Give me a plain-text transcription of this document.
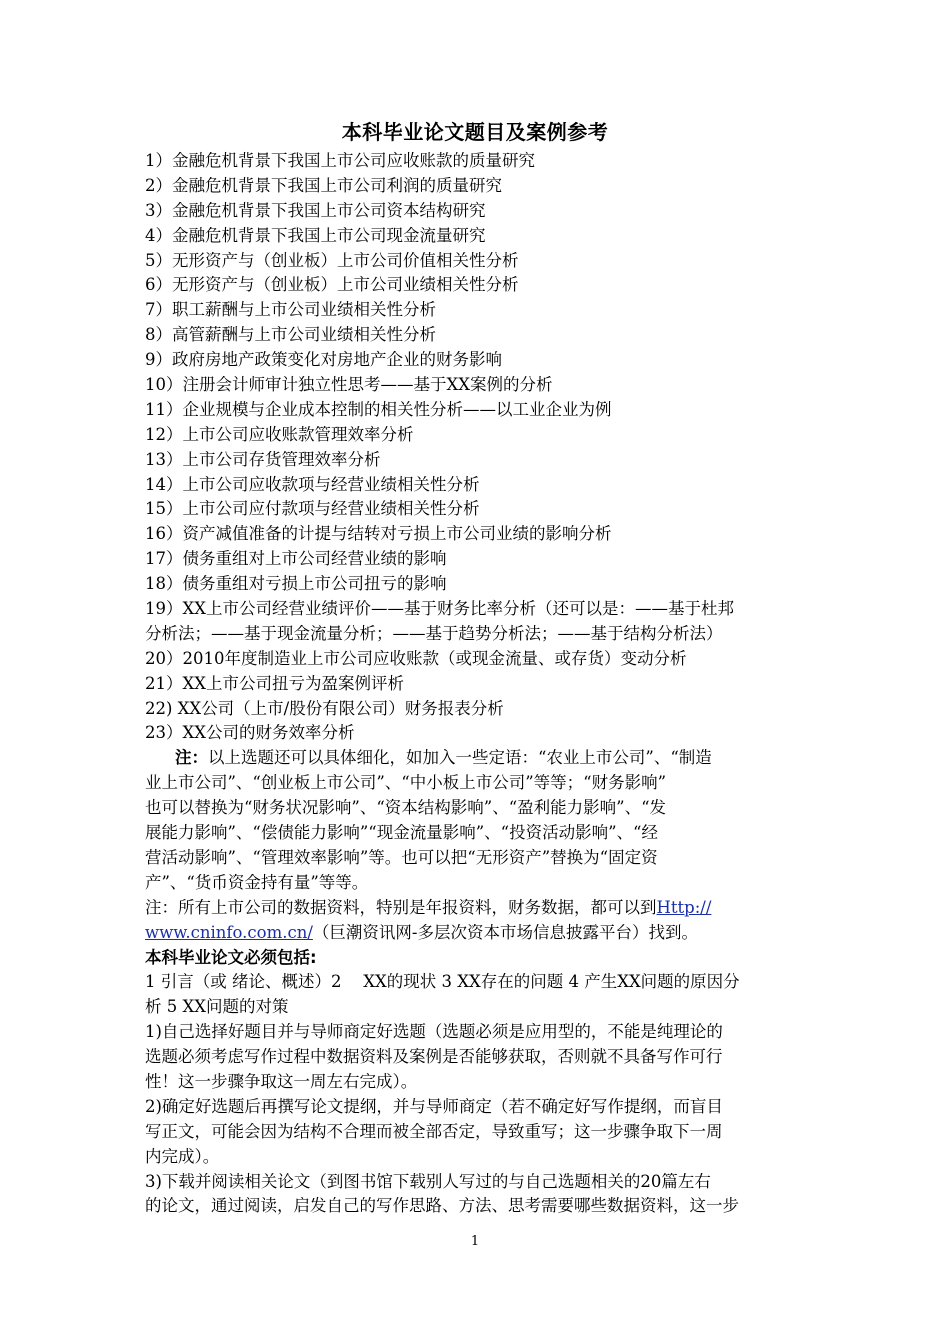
本科毕业论文题目及案例参考
1）金融危机背景下我国上市公司应收账款的质量研究
2）金融危机背景下我国上市公司利润的质量研究
3）金融危机背景下我国上市公司资本结构研究
4）金融危机背景下我国上市公司现金流量研究
5）无形资产与（创业板）上市公司价值相关性分析
6）无形资产与（创业板）上市公司业绩相关性分析
7）职工薪酬与上市公司业绩相关性分析
8）高管薪酬与上市公司业绩相关性分析
9）政府房地产政策变化对房地产企业的财务影响
10）注册会计师审计独立性思考——基于XX案例的分析
11）企业规模与企业成本控制的相关性分析——以工业企业为例
12）上市公司应收账款管理效率分析
13）上市公司存货管理效率分析
14）上市公司应收款项与经营业绩相关性分析
15）上市公司应付款项与经营业绩相关性分析
16）资产减值准备的计提与结转对亏损上市公司业绩的影响分析
17）债务重组对上市公司经营业绩的影响
18）债务重组对亏损上市公司扭亏的影响
19）XX上市公司经营业绩评价——基于财务比率分析（还可以是：——基于杜邦
分析法；——基于现金流量分析；——基于趋势分析法；——基于结构分析法）
20）2010年度制造业上市公司应收账款（或现金流量、或存货）变动分析
21）XX上市公司扭亏为盈案例评析
22) XX公司（上市/股份有限公司）财务报表分析
23）XX公司的财务效率分析
注：以上选题还可以具体细化，如加入一些定语：“农业上市公司”、“制造
业上市公司”、“创业板上市公司”、“中小板上市公司”等等；“财务影响”
也可以替换为“财务状况影响”、“资本结构影响”、“盈利能力影响”、“发
展能力影响”、“偿债能力影响”“现金流量影响”、“投资活动影响”、“经
营活动影响”、“管理效率影响”等。也可以把“无形资产”替换为“固定资
产”、“货币资金持有量”等等。
注：所有上市公司的数据资料，特别是年报资料，财务数据，都可以到Http://
www.cninfo.com.cn/（巨潮资讯网-多层次资本市场信息披露平台）找到。
本科毕业论文必须包括:
1 引言（或 绪论、概述）2　 XX的现状 3 XX存在的问题 4 产生XX问题的原因分
析 5 XX问题的对策
1)自己选择好题目并与导师商定好选题（选题必须是应用型的，不能是纯理论的
选题必须考虑写作过程中数据资料及案例是否能够获取，否则就不具备写作可行
性！这一步骤争取这一周左右完成）。
2)确定好选题后再撰写论文提纲，并与导师商定（若不确定好写作提纲，而盲目
写正文，可能会因为结构不合理而被全部否定，导致重写；这一步骤争取下一周
内完成）。
3)下载并阅读相关论文（到图书馆下载别人写过的与自己选题相关的20篇左右
的论文，通过阅读，启发自己的写作思路、方法、思考需要哪些数据资料，这一步
1
